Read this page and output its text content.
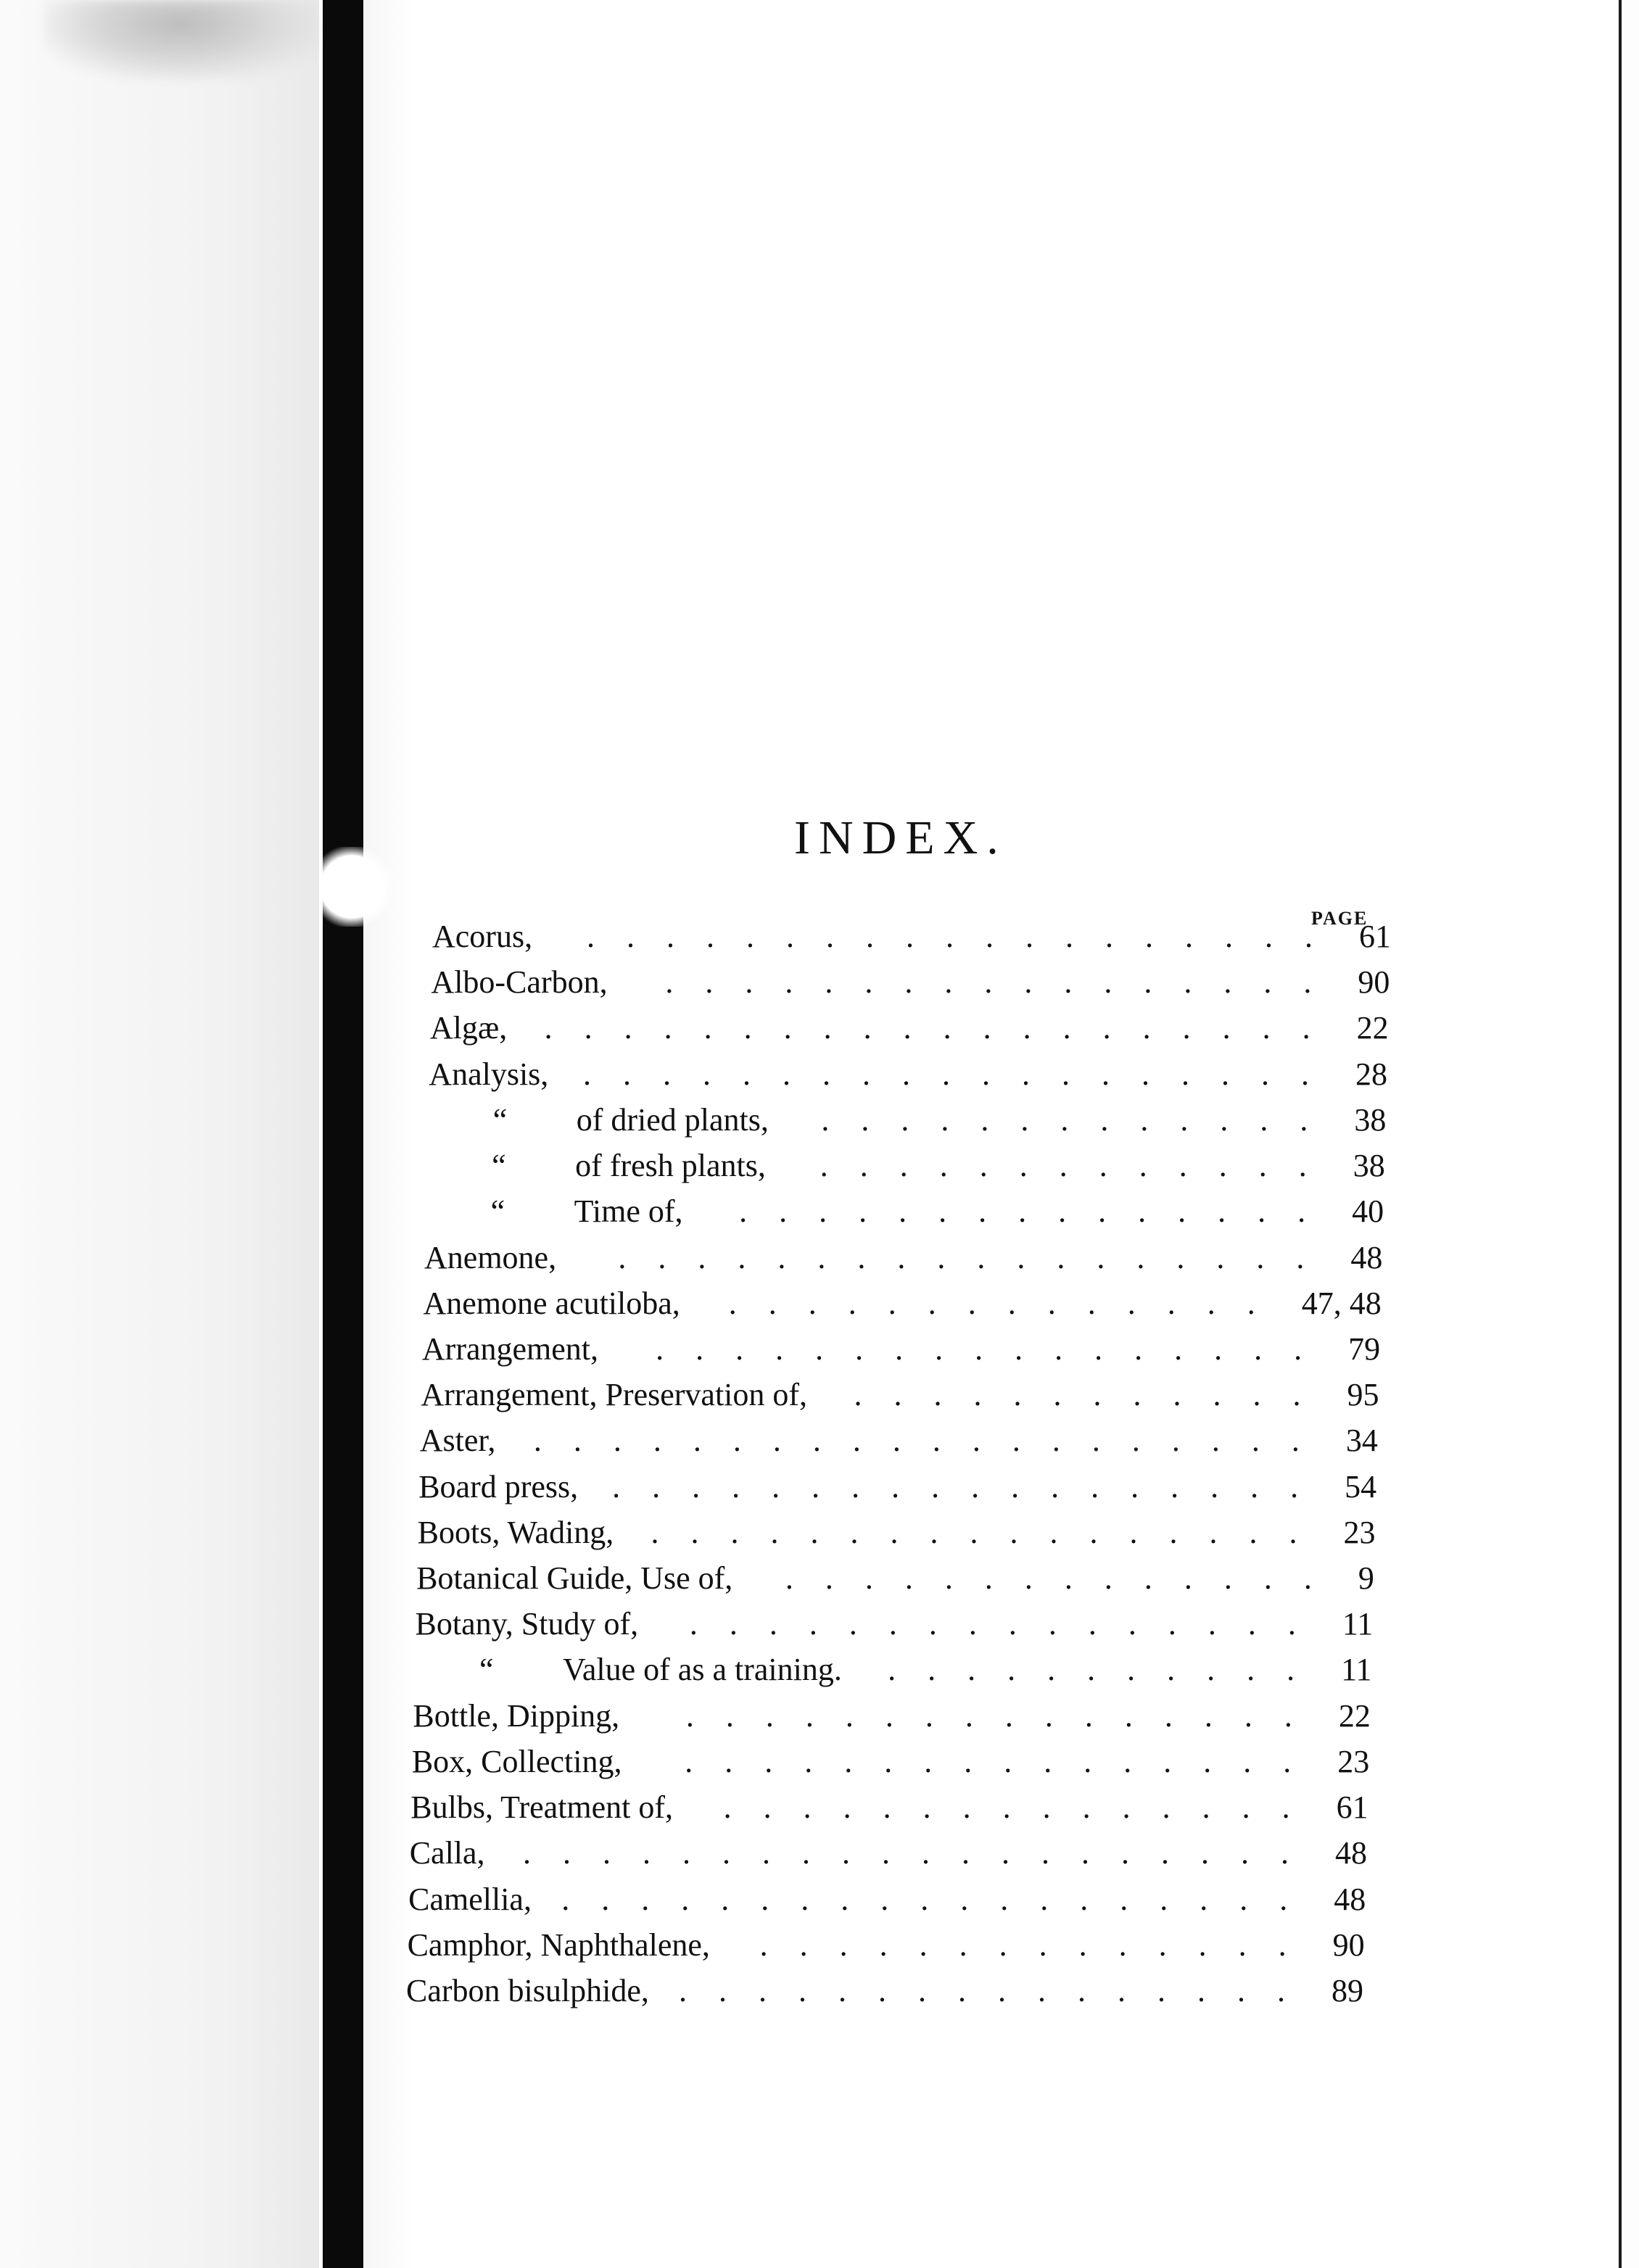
INDEX.
PAGE
Acorus,	61
.    .    .    .    .    .    .    .    .    .    .    .    .    .    .    .    .    .    .
Albo-Carbon,	90
.    .    .    .    .    .    .    .    .    .    .    .    .    .    .    .    .
Algæ,	22
.    .    .    .    .    .    .    .    .    .    .    .    .    .    .    .    .    .    .    .
Analysis,	28
.    .    .    .    .    .    .    .    .    .    .    .    .    .    .    .    .    .    .
“ of dried plants,	38
.    .    .    .    .    .    .    .    .    .    .    .    .
“ of fresh plants,	38
.    .    .    .    .    .    .    .    .    .    .    .    .
“ Time of,	40
.    .    .    .    .    .    .    .    .    .    .    .    .    .    .
Anemone,	48
.    .    .    .    .    .    .    .    .    .    .    .    .    .    .    .    .    .
Anemone acutiloba,	47, 48
.    .    .    .    .    .    .    .    .    .    .    .    .    .
Arrangement,	79
.    .    .    .    .    .    .    .    .    .    .    .    .    .    .    .    .
Arrangement, Preservation of,	95
.    .    .    .    .    .    .    .    .    .    .    .
Aster,	34
.    .    .    .    .    .    .    .    .    .    .    .    .    .    .    .    .    .    .    .
Board press,	54
.    .    .    .    .    .    .    .    .    .    .    .    .    .    .    .    .    .
Boots, Wading,	23
.    .    .    .    .    .    .    .    .    .    .    .    .    .    .    .    .
Botanical Guide, Use of,	9
.    .    .    .    .    .    .    .    .    .    .    .    .    .
Botany, Study of,	11
.    .    .    .    .    .    .    .    .    .    .    .    .    .    .    .
“ Value of as a training.	11
.    .    .    .    .    .    .    .    .    .    .
Bottle, Dipping,	22
.    .    .    .    .    .    .    .    .    .    .    .    .    .    .    .
Box, Collecting,	23
.    .    .    .    .    .    .    .    .    .    .    .    .    .    .    .
Bulbs, Treatment of,	61
.    .    .    .    .    .    .    .    .    .    .    .    .    .    .
Calla,	48
.    .    .    .    .    .    .    .    .    .    .    .    .    .    .    .    .    .    .    .
Camellia,	48
.    .    .    .    .    .    .    .    .    .    .    .    .    .    .    .    .    .    .
Camphor, Naphthalene,	90
.    .    .    .    .    .    .    .    .    .    .    .    .    .
Carbon bisulphide,	89
.    .    .    .    .    .    .    .    .    .    .    .    .    .    .    .
